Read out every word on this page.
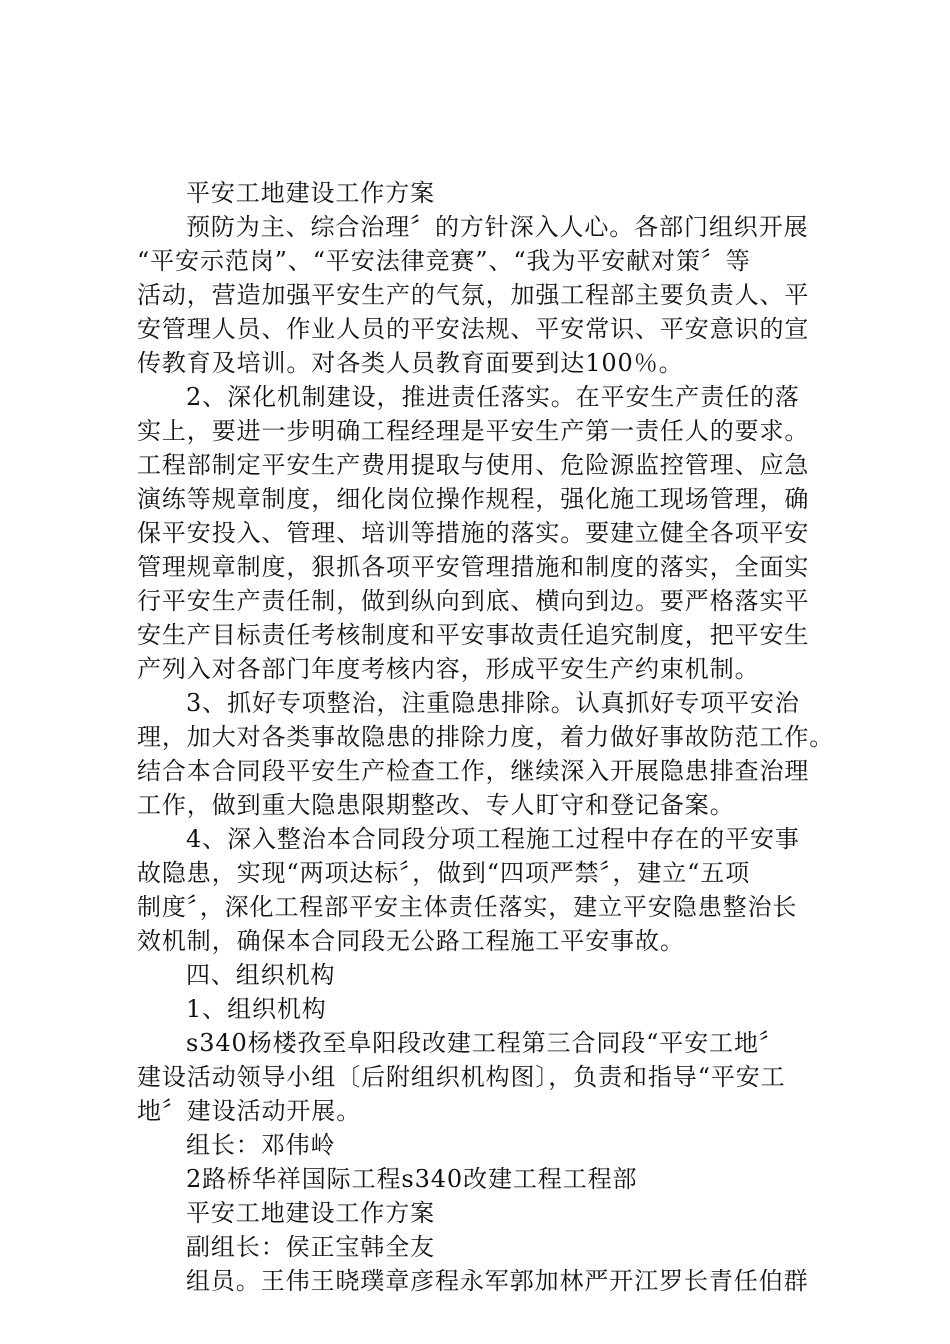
平安工地建设工作方案
预防为主、综合治理〞的方针深入人心。各部门组织开展
“平安示范岗”、“平安法律竞赛”、“我为平安献对策〞等
活动，营造加强平安生产的气氛，加强工程部主要负责人、平
安管理人员、作业人员的平安法规、平安常识、平安意识的宣
传教育及培训。对各类人员教育面要到达100％。
2、深化机制建设，推进责任落实。在平安生产责任的落
实上，要进一步明确工程经理是平安生产第一责任人的要求。
工程部制定平安生产费用提取与使用、危险源监控管理、应急
演练等规章制度，细化岗位操作规程，强化施工现场管理，确
保平安投入、管理、培训等措施的落实。要建立健全各项平安
管理规章制度，狠抓各项平安管理措施和制度的落实，全面实
行平安生产责任制，做到纵向到底、横向到边。要严格落实平
安生产目标责任考核制度和平安事故责任追究制度，把平安生
产列入对各部门年度考核内容，形成平安生产约束机制。
3、抓好专项整治，注重隐患排除。认真抓好专项平安治
理，加大对各类事故隐患的排除力度，着力做好事故防范工作。
结合本合同段平安生产检查工作，继续深入开展隐患排查治理
工作，做到重大隐患限期整改、专人盯守和登记备案。
4、深入整治本合同段分项工程施工过程中存在的平安事
故隐患，实现“两项达标〞，做到“四项严禁〞，建立“五项
制度〞，深化工程部平安主体责任落实，建立平安隐患整治长
效机制，确保本合同段无公路工程施工平安事故。
四、组织机构
1、组织机构
s340杨楼孜至阜阳段改建工程第三合同段“平安工地〞
建设活动领导小组〔后附组织机构图〕，负责和指导“平安工
地〞建设活动开展。
组长：邓伟岭
2路桥华祥国际工程s340改建工程工程部
平安工地建设工作方案
副组长：侯正宝韩全友
组员。王伟王晓璞章彦程永军郭加林严开江罗长青任伯群
